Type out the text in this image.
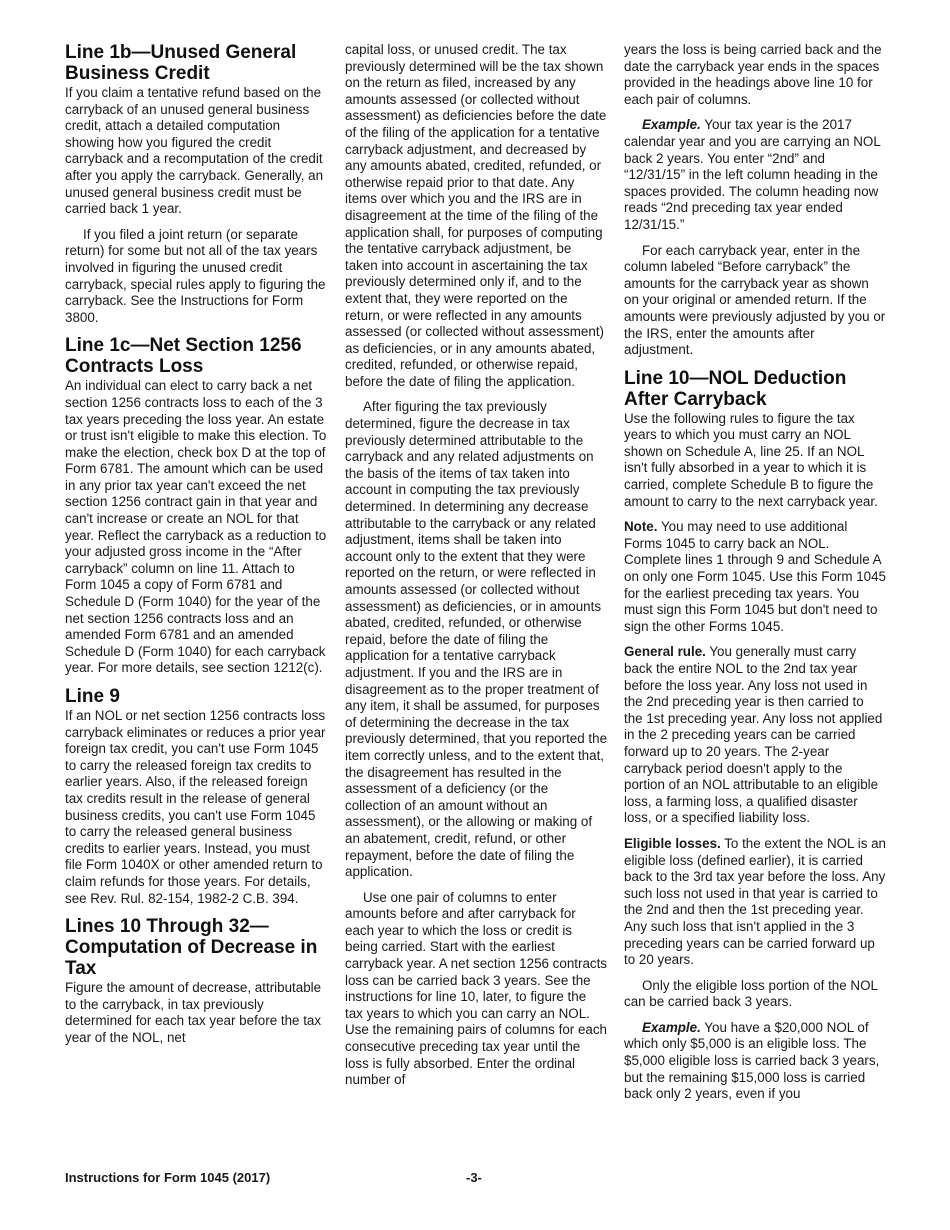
Line 1b—Unused General Business Credit

If you claim a tentative refund based on the carryback of an unused general business credit, attach a detailed computation showing how you figured the credit carryback and a recomputation of the credit after you apply the carryback. Generally, an unused general business credit must be carried back 1 year.

If you filed a joint return (or separate return) for some but not all of the tax years involved in figuring the unused credit carryback, special rules apply to figuring the carryback. See the Instructions for Form 3800.

Line 1c—Net Section 1256 Contracts Loss

An individual can elect to carry back a net section 1256 contracts loss to each of the 3 tax years preceding the loss year. An estate or trust isn't eligible to make this election. To make the election, check box D at the top of Form 6781. The amount which can be used in any prior tax year can't exceed the net section 1256 contract gain in that year and can't increase or create an NOL for that year. Reflect the carryback as a reduction to your adjusted gross income in the “After carryback” column on line 11. Attach to Form 1045 a copy of Form 6781 and Schedule D (Form 1040) for the year of the net section 1256 contracts loss and an amended Form 6781 and an amended Schedule D (Form 1040) for each carryback year. For more details, see section 1212(c).

Line 9

If an NOL or net section 1256 contracts loss carryback eliminates or reduces a prior year foreign tax credit, you can't use Form 1045 to carry the released foreign tax credits to earlier years. Also, if the released foreign tax credits result in the release of general business credits, you can't use Form 1045 to carry the released general business credits to earlier years. Instead, you must file Form 1040X or other amended return to claim refunds for those years. For details, see Rev. Rul. 82-154, 1982-2 C.B. 394.

Lines 10 Through 32—Computation of Decrease in Tax

Figure the amount of decrease, attributable to the carryback, in tax previously determined for each tax year before the tax year of the NOL, net

capital loss, or unused credit. The tax previously determined will be the tax shown on the return as filed, increased by any amounts assessed (or collected without assessment) as deficiencies before the date of the filing of the application for a tentative carryback adjustment, and decreased by any amounts abated, credited, refunded, or otherwise repaid prior to that date. Any items over which you and the IRS are in disagreement at the time of the filing of the application shall, for purposes of computing the tentative carryback adjustment, be taken into account in ascertaining the tax previously determined only if, and to the extent that, they were reported on the return, or were reflected in any amounts assessed (or collected without assessment) as deficiencies, or in any amounts abated, credited, refunded, or otherwise repaid, before the date of filing the application.

After figuring the tax previously determined, figure the decrease in tax previously determined attributable to the carryback and any related adjustments on the basis of the items of tax taken into account in computing the tax previously determined. In determining any decrease attributable to the carryback or any related adjustment, items shall be taken into account only to the extent that they were reported on the return, or were reflected in amounts assessed (or collected without assessment) as deficiencies, or in amounts abated, credited, refunded, or otherwise repaid, before the date of filing the application for a tentative carryback adjustment. If you and the IRS are in disagreement as to the proper treatment of any item, it shall be assumed, for purposes of determining the decrease in the tax previously determined, that you reported the item correctly unless, and to the extent that, the disagreement has resulted in the assessment of a deficiency (or the collection of an amount without an assessment), or the allowing or making of an abatement, credit, refund, or other repayment, before the date of filing the application.

Use one pair of columns to enter amounts before and after carryback for each year to which the loss or credit is being carried. Start with the earliest carryback year. A net section 1256 contracts loss can be carried back 3 years. See the instructions for line 10, later, to figure the tax years to which you can carry an NOL. Use the remaining pairs of columns for each consecutive preceding tax year until the loss is fully absorbed. Enter the ordinal number of

years the loss is being carried back and the date the carryback year ends in the spaces provided in the headings above line 10 for each pair of columns.

Example. Your tax year is the 2017 calendar year and you are carrying an NOL back 2 years. You enter “2nd” and “12/31/15” in the left column heading in the spaces provided. The column heading now reads “2nd preceding tax year ended 12/31/15.”

For each carryback year, enter in the column labeled “Before carryback” the amounts for the carryback year as shown on your original or amended return. If the amounts were previously adjusted by you or the IRS, enter the amounts after adjustment.

Line 10—NOL Deduction After Carryback

Use the following rules to figure the tax years to which you must carry an NOL shown on Schedule A, line 25. If an NOL isn't fully absorbed in a year to which it is carried, complete Schedule B to figure the amount to carry to the next carryback year.

Note. You may need to use additional Forms 1045 to carry back an NOL. Complete lines 1 through 9 and Schedule A on only one Form 1045. Use this Form 1045 for the earliest preceding tax years. You must sign this Form 1045 but don't need to sign the other Forms 1045.

General rule. You generally must carry back the entire NOL to the 2nd tax year before the loss year. Any loss not used in the 2nd preceding year is then carried to the 1st preceding year. Any loss not applied in the 2 preceding years can be carried forward up to 20 years. The 2-year carryback period doesn't apply to the portion of an NOL attributable to an eligible loss, a farming loss, a qualified disaster loss, or a specified liability loss.

Eligible losses. To the extent the NOL is an eligible loss (defined earlier), it is carried back to the 3rd tax year before the loss. Any such loss not used in that year is carried to the 2nd and then the 1st preceding year. Any such loss that isn't applied in the 3 preceding years can be carried forward up to 20 years.

Only the eligible loss portion of the NOL can be carried back 3 years.

Example. You have a $20,000 NOL of which only $5,000 is an eligible loss. The $5,000 eligible loss is carried back 3 years, but the remaining $15,000 loss is carried back only 2 years, even if you

Instructions for Form 1045 (2017)	-3-
